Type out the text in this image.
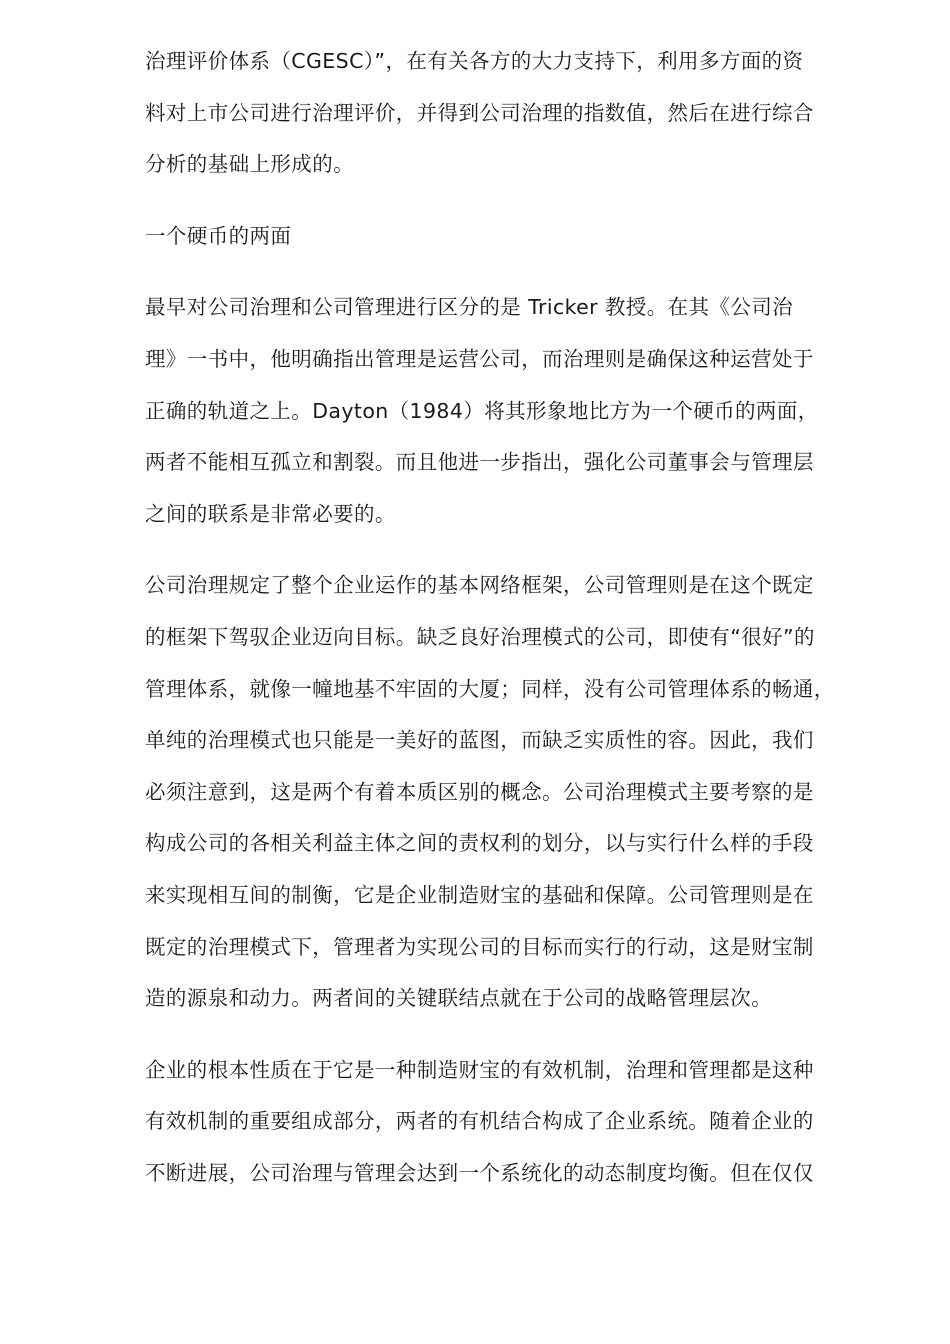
治理评价体系（CGESC）”，在有关各方的大力支持下，利用多方面的资
料对上市公司进行治理评价，并得到公司治理的指数值，然后在进行综合
分析的基础上形成的。
一个硬币的两面
最早对公司治理和公司管理进行区分的是 Tricker 教授。在其《公司治
理》一书中，他明确指出管理是运营公司，而治理则是确保这种运营处于
正确的轨道之上。Dayton（1984）将其形象地比方为一个硬币的两面，
两者不能相互孤立和割裂。而且他进一步指出，强化公司董事会与管理层
之间的联系是非常必要的。
公司治理规定了整个企业运作的基本网络框架，公司管理则是在这个既定
的框架下驾驭企业迈向目标。缺乏良好治理模式的公司，即使有“很好”的
管理体系，就像一幢地基不牢固的大厦；同样，没有公司管理体系的畅通，
单纯的治理模式也只能是一美好的蓝图，而缺乏实质性的容。因此，我们
必须注意到，这是两个有着本质区别的概念。公司治理模式主要考察的是
构成公司的各相关利益主体之间的责权利的划分，以与实行什么样的手段
来实现相互间的制衡，它是企业制造财宝的基础和保障。公司管理则是在
既定的治理模式下，管理者为实现公司的目标而实行的行动，这是财宝制
造的源泉和动力。两者间的关键联结点就在于公司的战略管理层次。
企业的根本性质在于它是一种制造财宝的有效机制，治理和管理都是这种
有效机制的重要组成部分，两者的有机结合构成了企业系统。随着企业的
不断进展，公司治理与管理会达到一个系统化的动态制度均衡。但在仅仅
